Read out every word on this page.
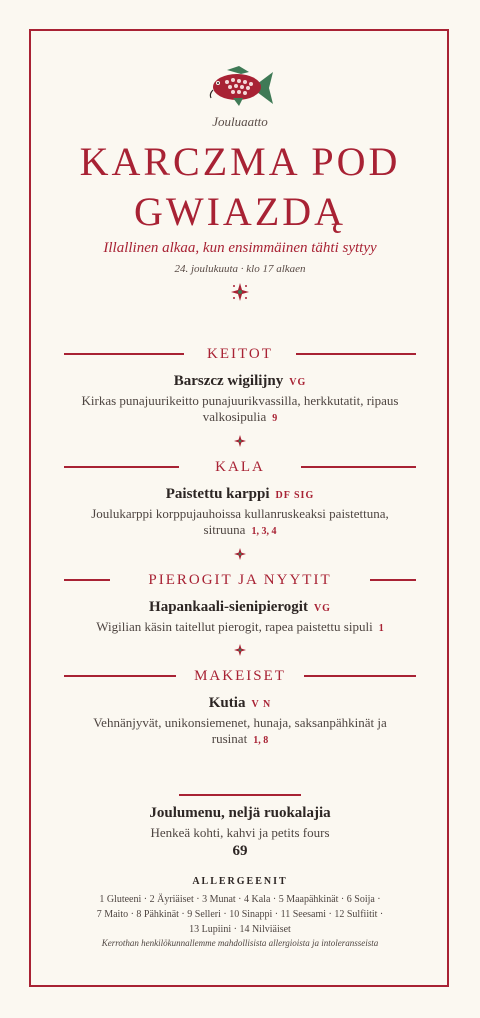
Jouluaatto
KARCZMA POD
GWIAZDĄ
Illallinen alkaa, kun ensimmäinen tähti syttyy
24. joulukuuta · klo 17 alkaen
KEITOT
Barszcz wigilijny VG
Kirkas punajuurikeitto punajuurikvassilla, herkkutatit, ripaus
valkosipulia 9
KALA
Paistettu karppi DF SIG
Joulukarppi korppujauhoissa kullanruskeaksi paistettuna,
sitruuna 1, 3, 4
PIEROGIT JA NYYTIT
Hapankaali-sienipierogit VG
Wigilian käsin taitellut pierogit, rapea paistettu sipuli 1
MAKEISET
Kutia V N
Vehnänjyvät, unikonsiemenet, hunaja, saksanpähkinät ja
rusinat 1, 8
Joulumenu, neljä ruokalajia
Henkeä kohti, kahvi ja petits fours
69
ALLERGEENIT
1 Gluteeni · 2 Äyriäiset · 3 Munat · 4 Kala · 5 Maapähkinät · 6 Soija ·
7 Maito · 8 Pähkinät · 9 Selleri · 10 Sinappi · 11 Seesami · 12 Sulfiitit ·
13 Lupiini · 14 Nilviäiset
Kerrothan henkilökunnallemme mahdollisista allergioista ja intoleransseista
